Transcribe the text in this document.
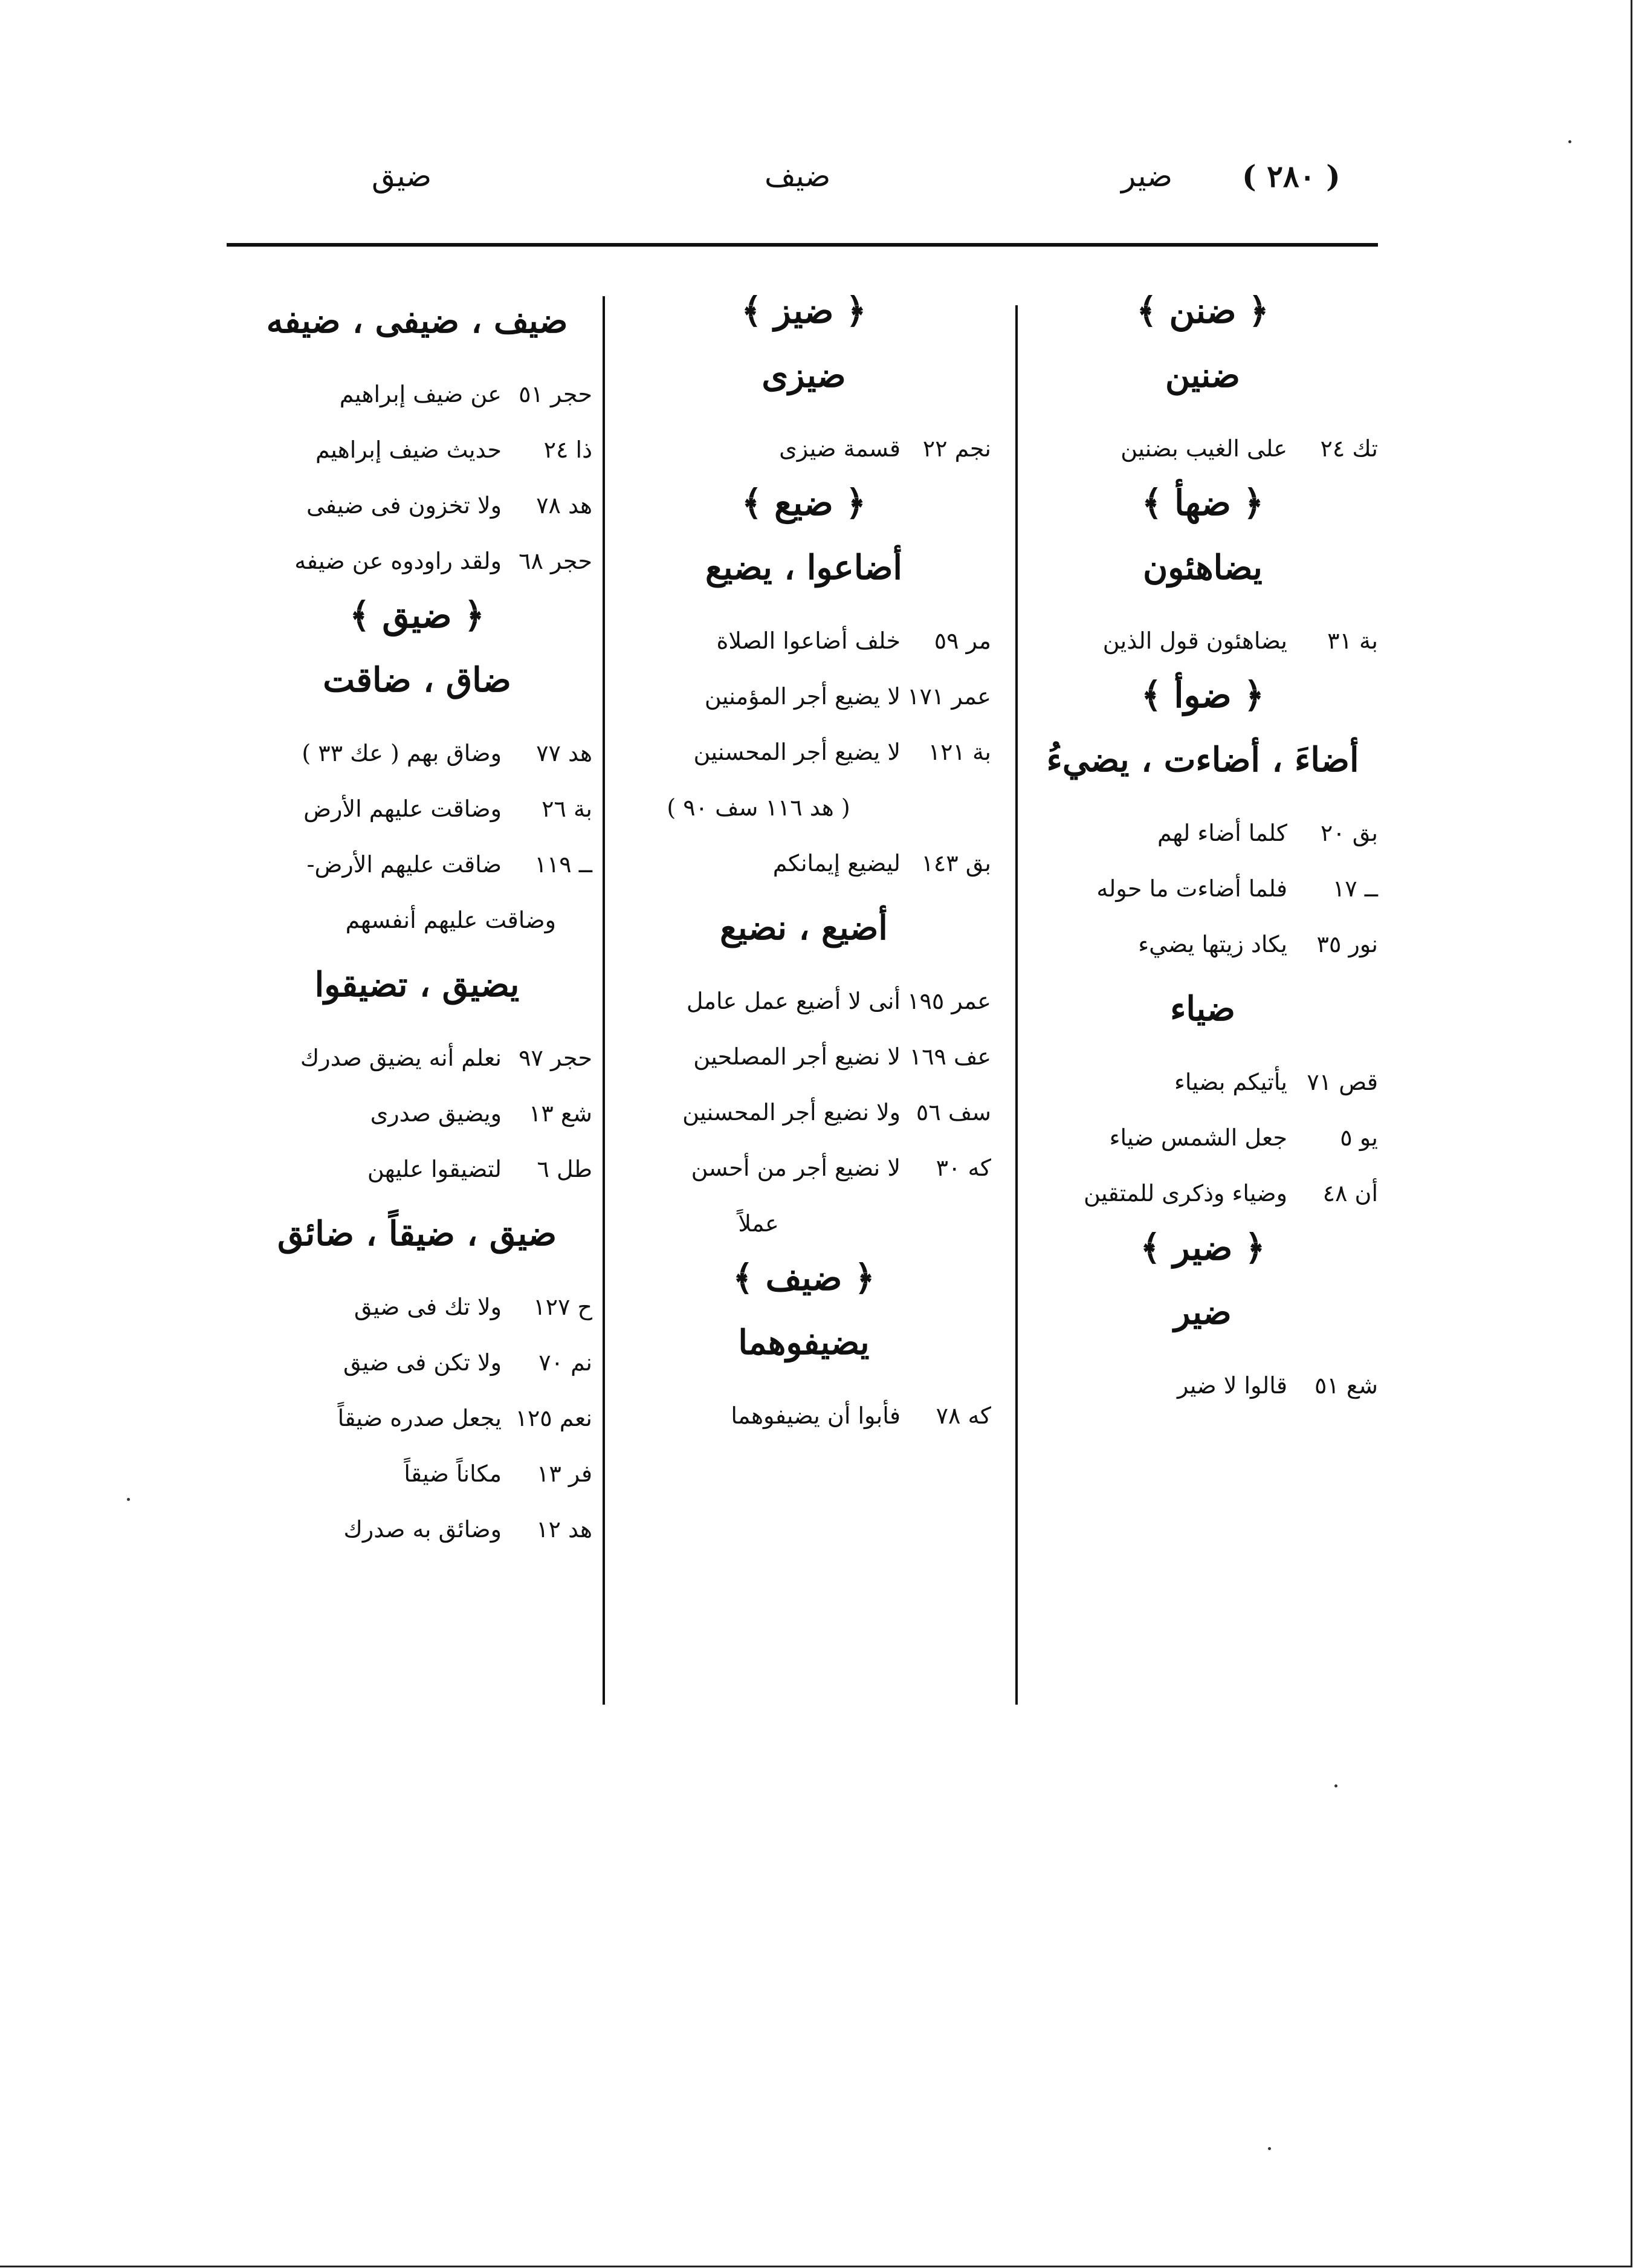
( ٢٨٠ )
ضير
ضيف
ضيق
﴿ ضنن ﴾
ضنين
تك ٢٤
على الغيب بضنين
﴿ ضهأ ﴾
يضاهئون
بة ٣١
يضاهئون قول الذين
﴿ ضوأ ﴾
أضاءَ ، أضاءت ، يضيءُ
بق ٢٠
كلما أضاء لهم
ــ ١٧
فلما أضاءت ما حوله
نور ٣٥
يكاد زيتها يضيء
ضياء
قص ٧١
يأتيكم بضياء
يو ٥
جعل الشمس ضياء
أن ٤٨
وضياء وذكرى للمتقين
﴿ ضير ﴾
ضير
شع ٥١
قالوا لا ضير
﴿ ضيز ﴾
ضيزى
نجم ٢٢
قسمة ضيزى
﴿ ضيع ﴾
أضاعوا ، يضيع
مر ٥٩
خلف أضاعوا الصلاة
عمر ١٧١
لا يضيع أجر المؤمنين
بة ١٢١
لا يضيع أجر المحسنين
( هد ١١٦ سف ٩٠ )
بق ١٤٣
ليضيع إيمانكم
أضيع ، نضيع
عمر ١٩٥
أنى لا أضيع عمل عامل
عف ١٦٩
لا نضيع أجر المصلحين
سف ٥٦
ولا نضيع أجر المحسنين
كه ٣٠
لا نضيع أجر من أحسن
عملاً
﴿ ضيف ﴾
يضيفوهما
كه ٧٨
فأبوا أن يضيفوهما
ضيف ، ضيفى ، ضيفه
حجر ٥١
عن ضيف إبراهيم
ذا ٢٤
حديث ضيف إبراهيم
هد ٧٨
ولا تخزون فى ضيفى
حجر ٦٨
ولقد راودوه عن ضيفه
﴿ ضيق ﴾
ضاق ، ضاقت
هد ٧٧
وضاق بهم ( عك ٣٣ )
بة ٢٦
وضاقت عليهم الأرض
ــ ١١٩
ضاقت عليهم الأرض-
وضاقت عليهم أنفسهم
يضيق ، تضيقوا
حجر ٩٧
نعلم أنه يضيق صدرك
شع ١٣
ويضيق صدرى
طل ٦
لتضيقوا عليهن
ضيق ، ضيقاً ، ضائق
ح ١٢٧
ولا تك فى ضيق
نم ٧٠
ولا تكن فى ضيق
نعم ١٢٥
يجعل صدره ضيقاً
فر ١٣
مكاناً ضيقاً
هد ١٢
وضائق به صدرك
